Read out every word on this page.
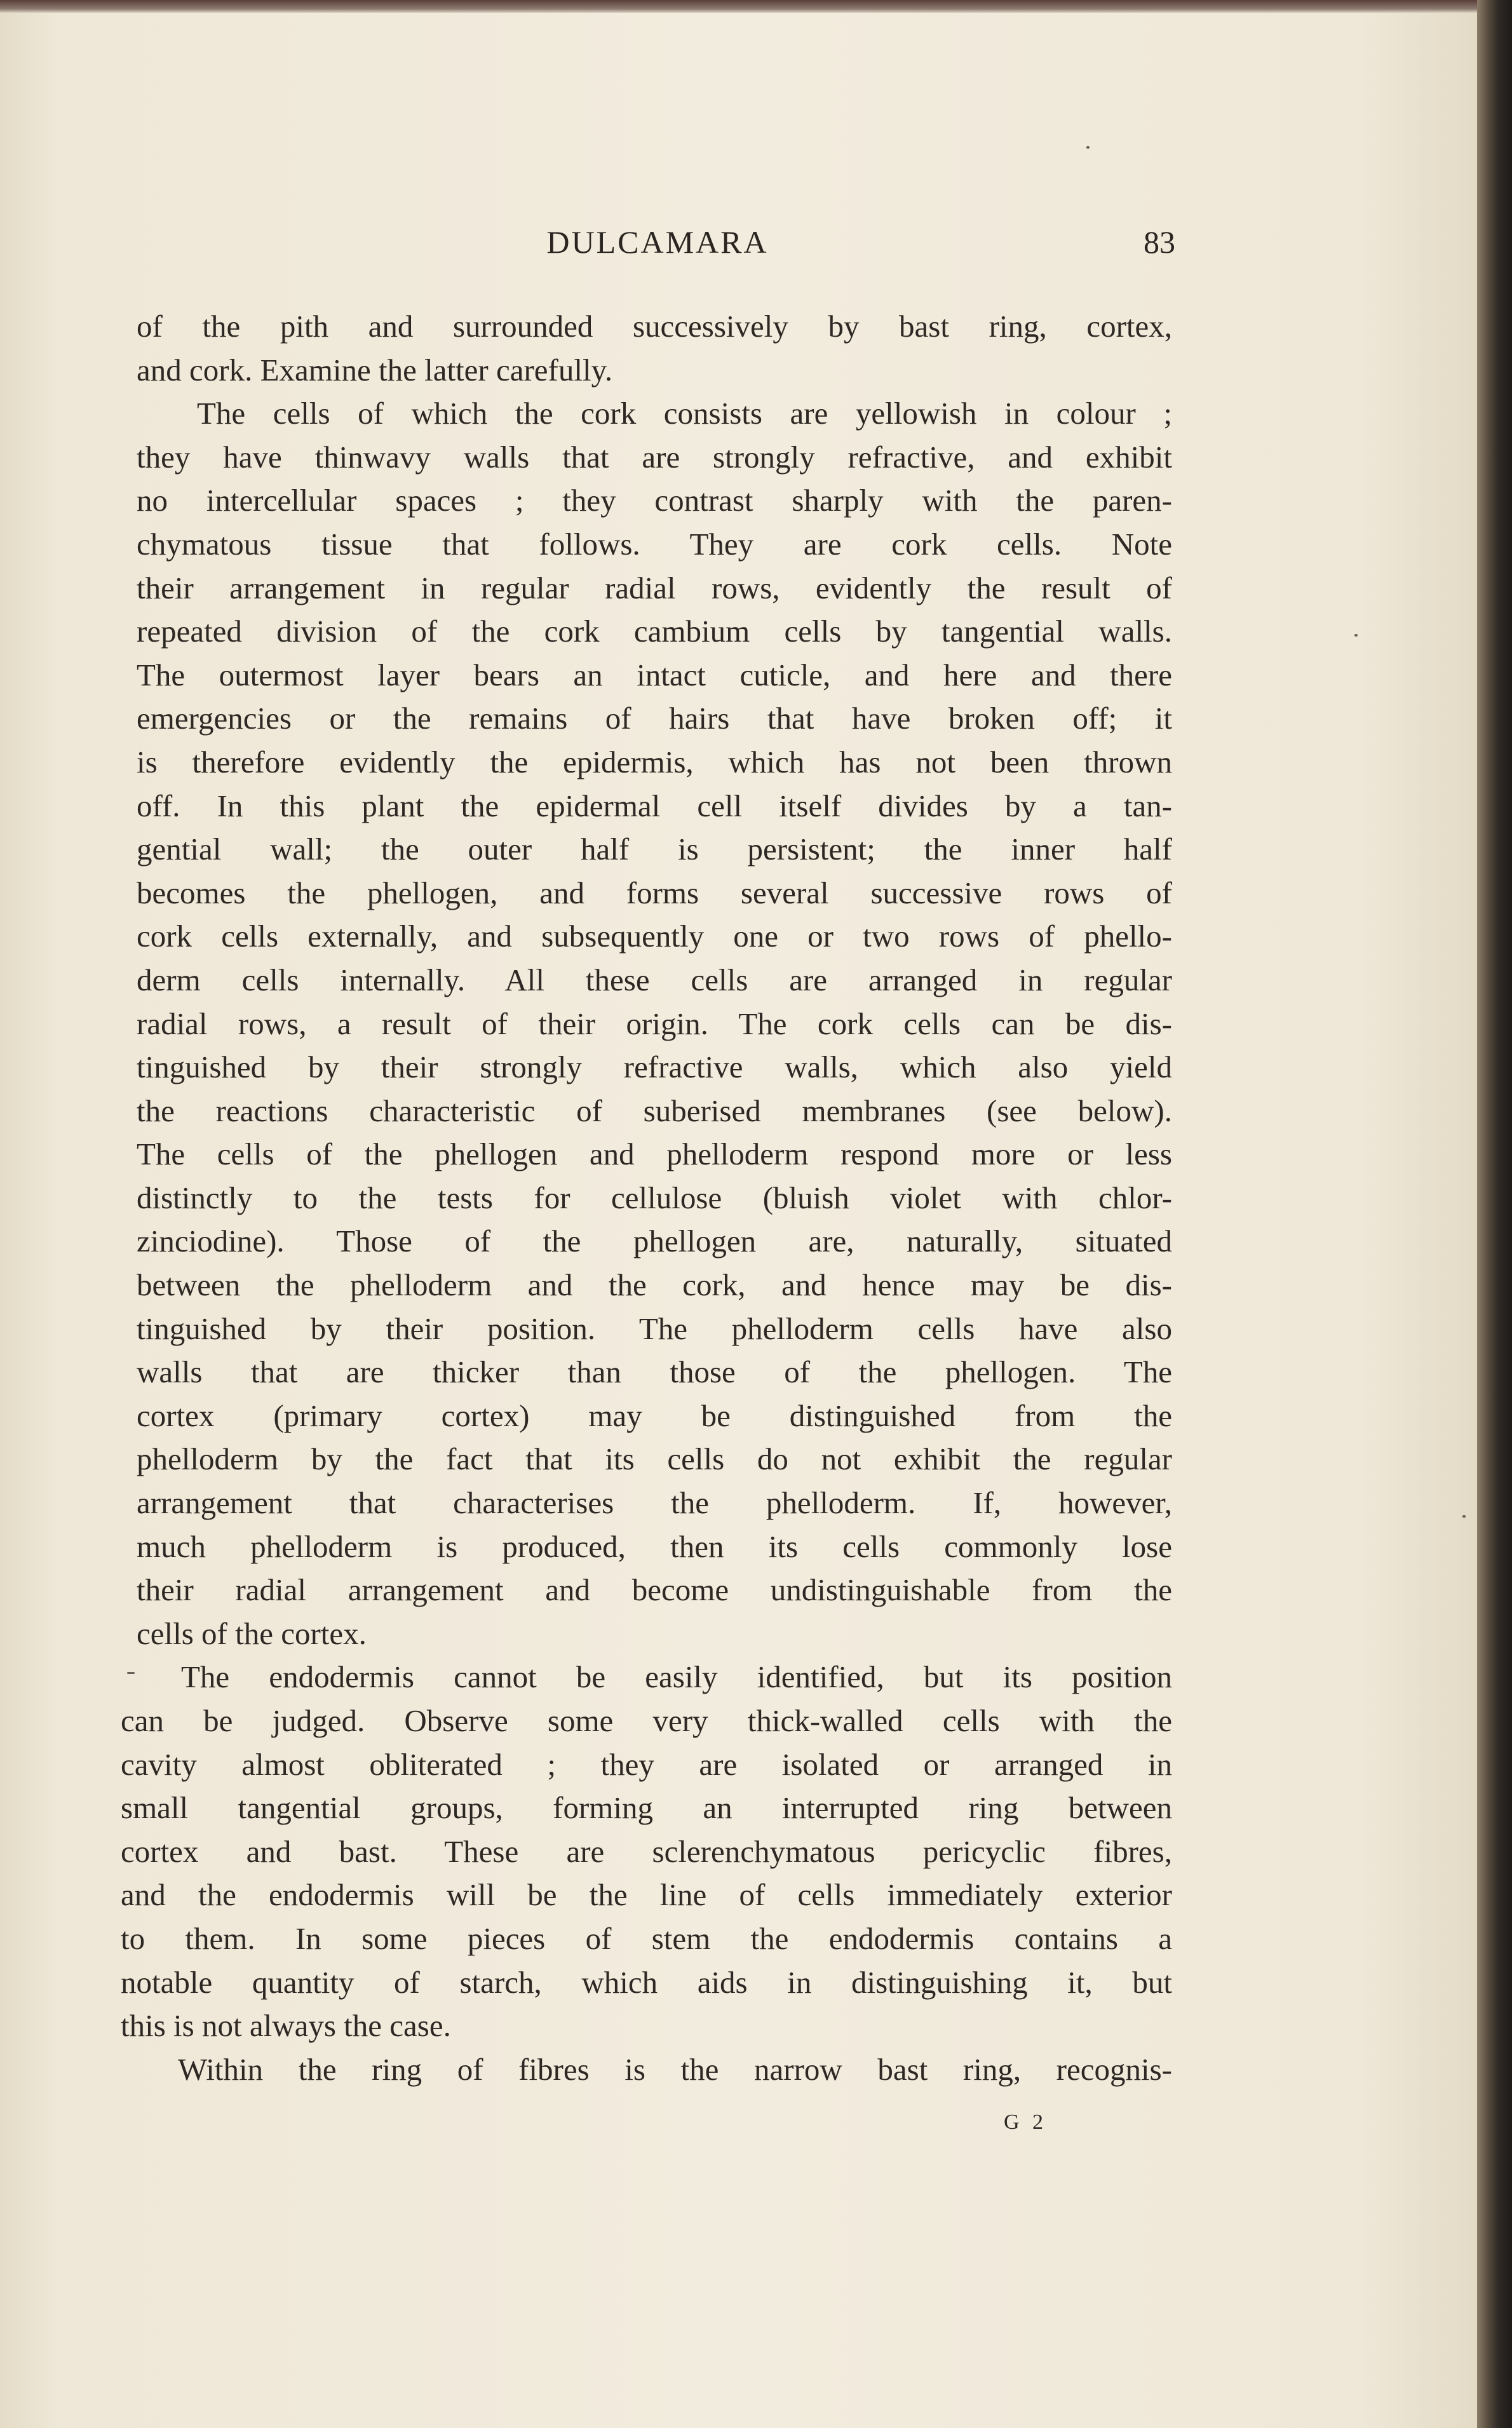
DULCAMARA	83
of the pith and surrounded successively by bast ring, cortex,
and cork. Examine the latter carefully.
The cells of which the cork consists are yellowish in colour ;
they have thinwavy walls that are strongly refractive, and exhibit
no intercellular spaces ; they contrast sharply with the paren-
chymatous tissue that follows. They are cork cells. Note
their arrangement in regular radial rows, evidently the result of
repeated division of the cork cambium cells by tangential walls.
The outermost layer bears an intact cuticle, and here and there
emergencies or the remains of hairs that have broken off; it
is therefore evidently the epidermis, which has not been thrown
off. In this plant the epidermal cell itself divides by a tan-
gential wall; the outer half is persistent; the inner half
becomes the phellogen, and forms several successive rows of
cork cells externally, and subsequently one or two rows of phello-
derm cells internally. All these cells are arranged in regular
radial rows, a result of their origin. The cork cells can be dis-
tinguished by their strongly refractive walls, which also yield
the reactions characteristic of suberised membranes (see below).
The cells of the phellogen and phelloderm respond more or less
distinctly to the tests for cellulose (bluish violet with chlor-
zinciodine). Those of the phellogen are, naturally, situated
between the phelloderm and the cork, and hence may be dis-
tinguished by their position. The phelloderm cells have also
walls that are thicker than those of the phellogen. The
cortex (primary cortex) may be distinguished from the
phelloderm by the fact that its cells do not exhibit the regular
arrangement that characterises the phelloderm. If, however,
much phelloderm is produced, then its cells commonly lose
their radial arrangement and become undistinguishable from the
cells of the cortex.
The endodermis cannot be easily identified, but its position
can be judged. Observe some very thick-walled cells with the
cavity almost obliterated ; they are isolated or arranged in
small tangential groups, forming an interrupted ring between
cortex and bast. These are sclerenchymatous pericyclic fibres,
and the endodermis will be the line of cells immediately exterior
to them. In some pieces of stem the endodermis contains a
notable quantity of starch, which aids in distinguishing it, but
this is not always the case.
Within the ring of fibres is the narrow bast ring, recognis-
G 2
